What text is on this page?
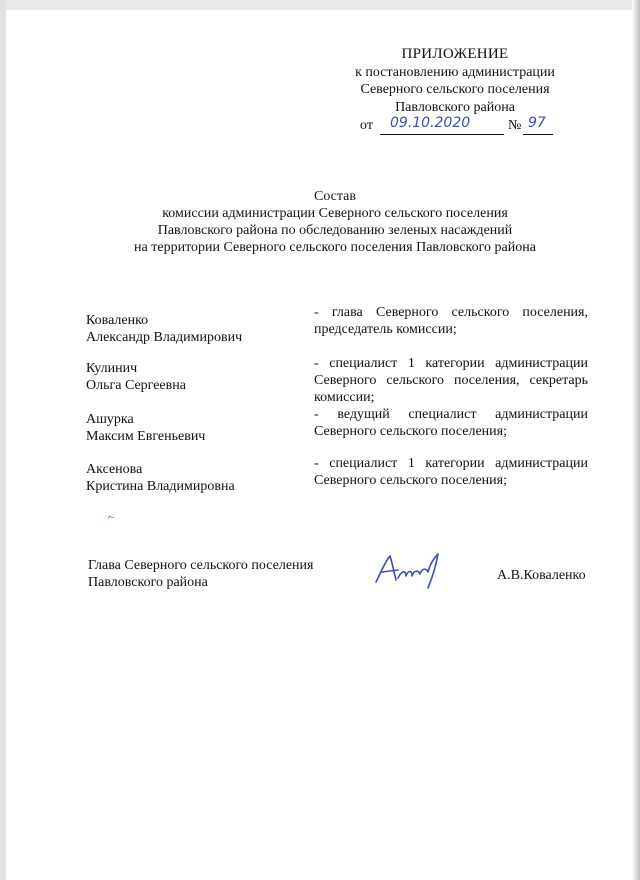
ПРИЛОЖЕНИЕ
к постановлению администрации
Северного сельского поселения
Павловского района
от 09.10.2020	№ 97
Состав
комиссии администрации Северного сельского поселения
Павловского района по обследованию зеленых насаждений
на территории Северного сельского поселения Павловского района
Коваленко
Александр Владимирович
- глава Северного сельского поселения, председатель комиссии;
Кулинич
Ольга Сергеевна
- специалист 1 категории администрации Северного сельского поселения, секретарь комиссии;
Ашурка
Максим Евгеньевич
- ведущий специалист администрации Северного сельского поселения;
Аксенова
Кристина Владимировна
- специалист 1 категории администрации Северного сельского поселения;
⌐
Глава Северного сельского поселения
Павловского района	А.В.Коваленко
